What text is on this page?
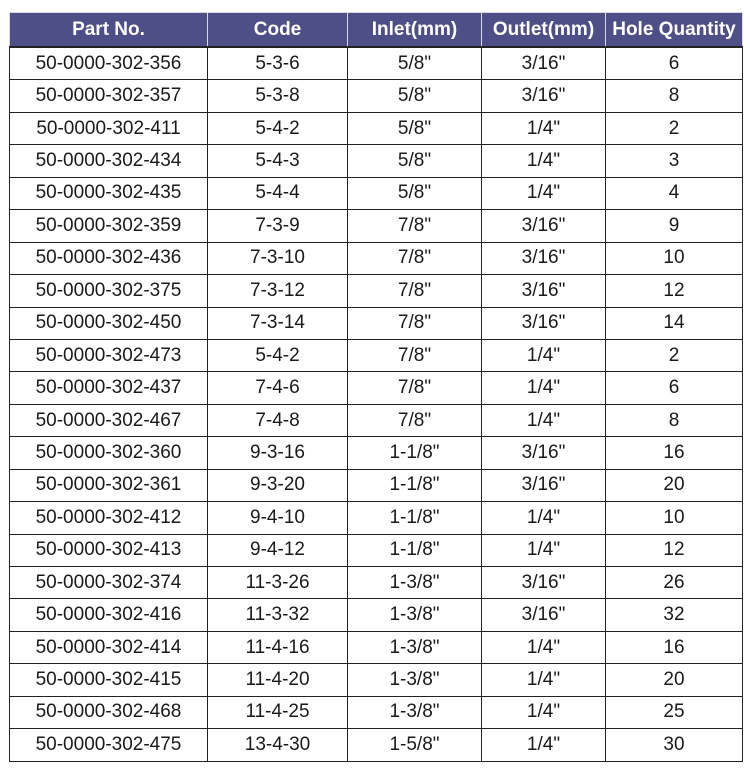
Part No.	Code	Inlet(mm)	Outlet(mm)	Hole Quantity
50-0000-302-356	5-3-6	5/8"	3/16"	6
50-0000-302-357	5-3-8	5/8"	3/16"	8
50-0000-302-411	5-4-2	5/8"	1/4"	2
50-0000-302-434	5-4-3	5/8"	1/4"	3
50-0000-302-435	5-4-4	5/8"	1/4"	4
50-0000-302-359	7-3-9	7/8"	3/16"	9
50-0000-302-436	7-3-10	7/8"	3/16"	10
50-0000-302-375	7-3-12	7/8"	3/16"	12
50-0000-302-450	7-3-14	7/8"	3/16"	14
50-0000-302-473	5-4-2	7/8"	1/4"	2
50-0000-302-437	7-4-6	7/8"	1/4"	6
50-0000-302-467	7-4-8	7/8"	1/4"	8
50-0000-302-360	9-3-16	1-1/8"	3/16"	16
50-0000-302-361	9-3-20	1-1/8"	3/16"	20
50-0000-302-412	9-4-10	1-1/8"	1/4"	10
50-0000-302-413	9-4-12	1-1/8"	1/4"	12
50-0000-302-374	11-3-26	1-3/8"	3/16"	26
50-0000-302-416	11-3-32	1-3/8"	3/16"	32
50-0000-302-414	11-4-16	1-3/8"	1/4"	16
50-0000-302-415	11-4-20	1-3/8"	1/4"	20
50-0000-302-468	11-4-25	1-3/8"	1/4"	25
50-0000-302-475	13-4-30	1-5/8"	1/4"	30
